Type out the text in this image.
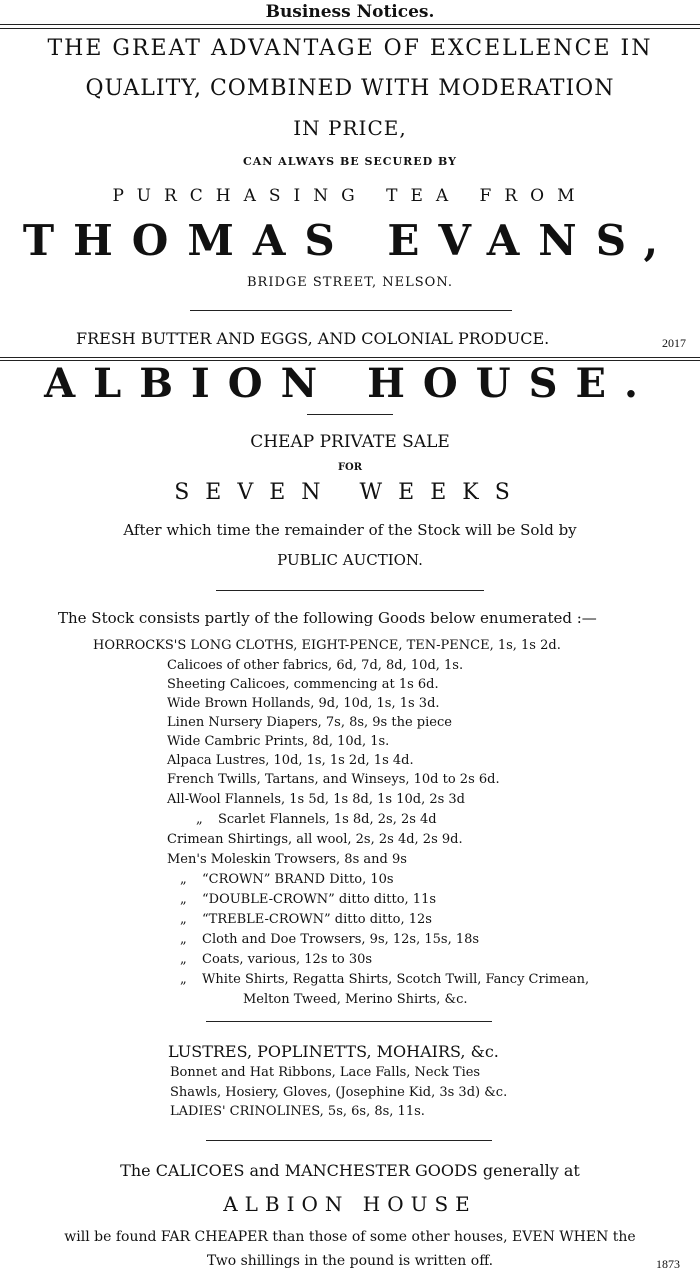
Business Notices.
THE GREAT ADVANTAGE OF EXCELLENCE IN
QUALITY, COMBINED WITH MODERATION
IN PRICE,
CAN ALWAYS BE SECURED BY
PURCHASING TEA FROM
THOMAS EVANS,
BRIDGE STREET, NELSON.
FRESH BUTTER AND EGGS, AND COLONIAL PRODUCE.	2017
ALBION HOUSE.
CHEAP PRIVATE SALE
FOR
SEVEN WEEKS
After which time the remainder of the Stock will be Sold by
PUBLIC AUCTION.
The Stock consists partly of the following Goods below enumerated :—
HORROCKS'S LONG CLOTHS, EIGHT-PENCE, TEN-PENCE, 1s, 1s 2d.
Calicoes of other fabrics, 6d, 7d, 8d, 10d, 1s.
Sheeting Calicoes, commencing at 1s 6d.
Wide Brown Hollands, 9d, 10d, 1s, 1s 3d.
Linen Nursery Diapers, 7s, 8s, 9s the piece
Wide Cambric Prints, 8d, 10d, 1s.
Alpaca Lustres, 10d, 1s, 1s 2d, 1s 4d.
French Twills, Tartans, and Winseys, 10d to 2s 6d.
All-Wool Flannels, 1s 5d, 1s 8d, 1s 10d, 2s 3d
„ Scarlet Flannels, 1s 8d, 2s, 2s 4d
Crimean Shirtings, all wool, 2s, 2s 4d, 2s 9d.
Men's Moleskin Trowsers, 8s and 9s
„ “CROWN” BRAND Ditto, 10s
„ “DOUBLE-CROWN” ditto ditto, 11s
„ “TREBLE-CROWN” ditto ditto, 12s
„ Cloth and Doe Trowsers, 9s, 12s, 15s, 18s
„ Coats, various, 12s to 30s
„ White Shirts, Regatta Shirts, Scotch Twill, Fancy Crimean,
Melton Tweed, Merino Shirts, &c.
LUSTRES, POPLINETTS, MOHAIRS, &c.
Bonnet and Hat Ribbons, Lace Falls, Neck Ties
Shawls, Hosiery, Gloves, (Josephine Kid, 3s 3d) &c.
LADIES' CRINOLINES, 5s, 6s, 8s, 11s.
The CALICOES and MANCHESTER GOODS generally at
ALBION HOUSE
will be found FAR CHEAPER than those of some other houses, EVEN WHEN the
Two shillings in the pound is written off.	1873
